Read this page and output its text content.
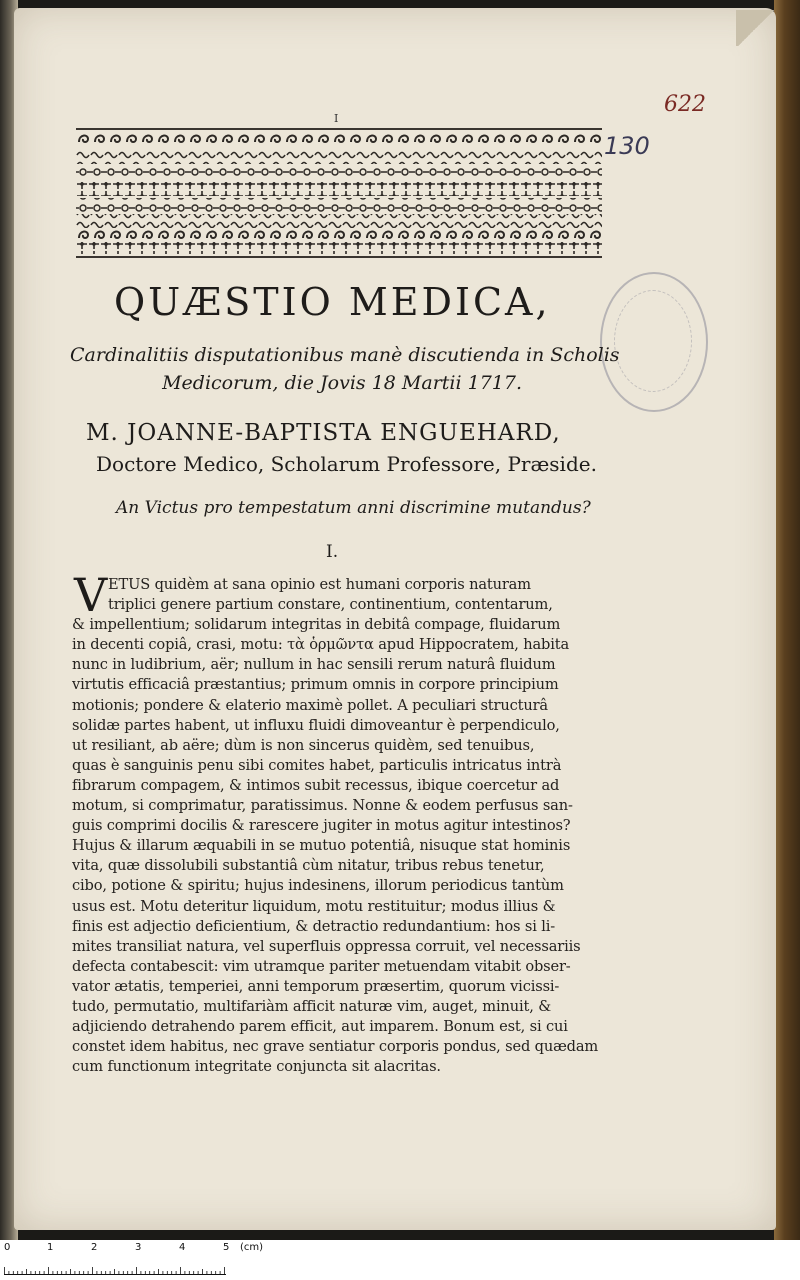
622
I
130
QUÆSTIO MEDICA,
Cardinalitiis disputationibus manè discutienda in Scholis
Medicorum, die Jovis 18 Martii 1717.
M. JOANNE-BAPTISTA ENGUEHARD,
Doctore Medico, Scholarum Professore, Præside.
An Victus pro tempestatum anni discrimine mutandus?
I.
V ETUS quidèm at sana opinio est humani corporis naturam
triplici genere partium constare, continentium, contentarum,
& impellentium; solidarum integritas in debitâ compage, fluidarum
in decenti copiâ, crasi, motu: τὰ ὁρμῶντα apud Hippocratem, habita
nunc in ludibrium, aër; nullum in hac sensili rerum naturâ fluidum
virtutis efficaciâ præstantius; primum omnis in corpore principium
motionis; pondere & elaterio maximè pollet. A peculiari structurâ
solidæ partes habent, ut influxu fluidi dimoveantur è perpendiculo,
ut resiliant, ab aëre; dùm is non sincerus quidèm, sed tenuibus,
quas è sanguinis penu sibi comites habet, particulis intricatus intrà
fibrarum compagem, & intimos subit recessus, ibique coercetur ad
motum, si comprimatur, paratissimus. Nonne & eodem perfusus san-
guis comprimi docilis & rarescere jugiter in motus agitur intestinos?
Hujus & illarum æquabili in se mutuo potentiâ, nisuque stat hominis
vita, quæ dissolubili substantiâ cùm nitatur, tribus rebus tenetur,
cibo, potione & spiritu; hujus indesinens, illorum periodicus tantùm
usus est. Motu deteritur liquidum, motu restituitur; modus illius &
finis est adjectio deficientium, & detractio redundantium: hos si li-
mites transiliat natura, vel superfluis oppressa corruit, vel necessariis
defecta contabescit: vim utramque pariter metuendam vitabit obser-
vator ætatis, temperiei, anni temporum præsertim, quorum vicissi-
tudo, permutatio, multifariàm afficit naturæ vim, auget, minuit, &
adjiciendo detrahendo parem efficit, aut imparem. Bonum est, si cui
constet idem habitus, nec grave sentiatur corporis pondus, sed quædam
cum functionum integritate conjuncta sit alacritas.
0	1	2	3	4	5 (cm)
